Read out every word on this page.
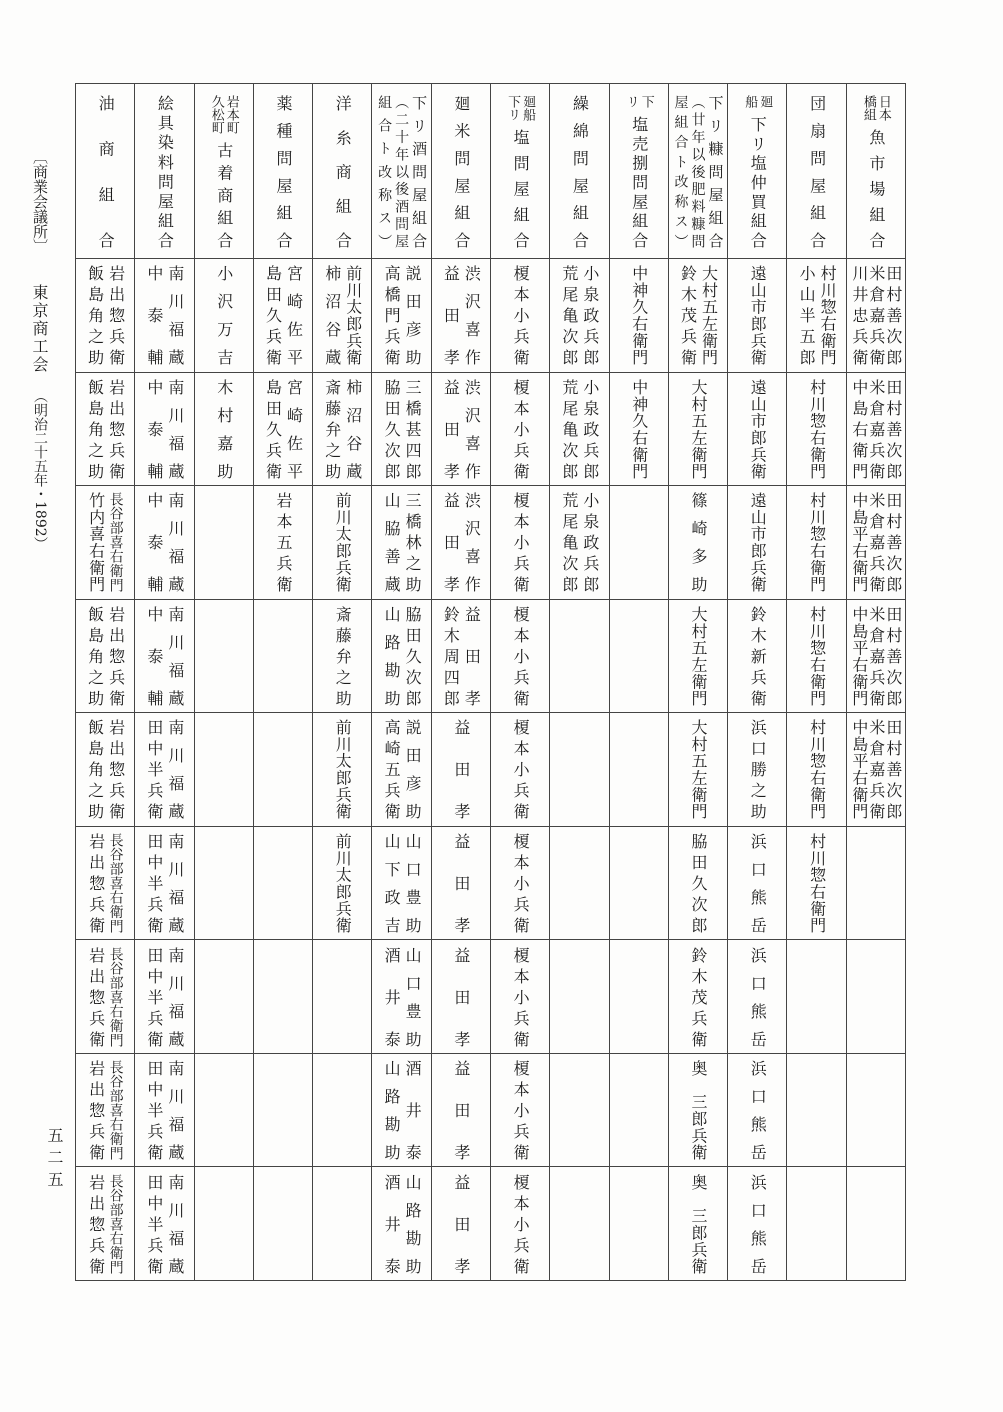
〔商業会議所〕
東京商工会
（明治二十五年・1892）
五二五
日本
橋組
魚市場組合
田村善次郎
米倉嘉兵衛
川井忠兵衛
田村善次郎
米倉嘉兵衛
中島右衛門
田村善次郎
米倉嘉兵衛
中島平右衛門
田村善次郎
米倉嘉兵衛
中島平右衛門
田村善次郎
米倉嘉兵衛
中島平右衛門
団扇問屋組合
村川惣右衛門
小山半五郎
村川惣右衛門
村川惣右衛門
村川惣右衛門
村川惣右衛門
村川惣右衛門
廻
船
下リ塩仲買組合
遠山市郎兵衛
遠山市郎兵衛
遠山市郎兵衛
鈴木新兵衛
浜口勝之助
浜口熊岳
浜口熊岳
浜口熊岳
浜口熊岳
下リ糠問屋組合
（廿年以後肥料糠問
屋組合ト改称ス）
大村五左衛門
鈴木茂兵衛
大村五左衛門
篠崎多助
大村五左衛門
大村五左衛門
脇田久次郎
鈴木茂兵衛
奥　三郎兵衛
奥　三郎兵衛
下
リ
塩売捌問屋組合
中神久右衛門
中神久右衛門
繰綿問屋組合
小泉政兵郎
荒尾亀次郎
小泉政兵郎
荒尾亀次郎
小泉政兵郎
荒尾亀次郎
廻船
下リ
塩問屋組合
榎本小兵衛
榎本小兵衛
榎本小兵衛
榎本小兵衛
榎本小兵衛
榎本小兵衛
榎本小兵衛
榎本小兵衛
榎本小兵衛
廻米問屋組合
渋沢喜作
益田孝
渋沢喜作
益田孝
渋沢喜作
益田孝
益田孝
鈴木周四郎
益田孝
益田孝
益田孝
益田孝
益田孝
下リ酒問屋組合
（二十年以後酒問屋
組合ト改称ス）
説田彦助
高橋門兵衛
三橋甚四郎
脇田久次郎
三橋林之助
山脇善蔵
脇田久次郎
山路勘助
説田彦助
高崎五兵衛
山口豊助
山下政吉
山口豊助
酒井泰
酒井泰
山路勘助
山路勘助
酒井泰
洋糸商組合
前川太郎兵衛
柿沼谷蔵
柿沼谷蔵
斎藤弁之助
前川太郎兵衛
斎藤弁之助
前川太郎兵衛
前川太郎兵衛
薬種問屋組合
宮崎佐平
島田久兵衛
宮崎佐平
島田久兵衛
岩本五兵衛
岩本町
久松町
古着商組合
小沢万吉
木村嘉助
絵具染料問屋組合
南川福蔵
中泰輔
南川福蔵
中泰輔
南川福蔵
中泰輔
南川福蔵
中泰輔
南川福蔵
田中半兵衛
南川福蔵
田中半兵衛
南川福蔵
田中半兵衛
南川福蔵
田中半兵衛
南川福蔵
田中半兵衛
油商組合
岩出惣兵衛
飯島角之助
岩出惣兵衛
飯島角之助
長谷部喜右衛門
竹内喜右衛門
岩出惣兵衛
飯島角之助
岩出惣兵衛
飯島角之助
長谷部喜右衛門
岩出惣兵衛
長谷部喜右衛門
岩出惣兵衛
長谷部喜右衛門
岩出惣兵衛
長谷部喜右衛門
岩出惣兵衛
